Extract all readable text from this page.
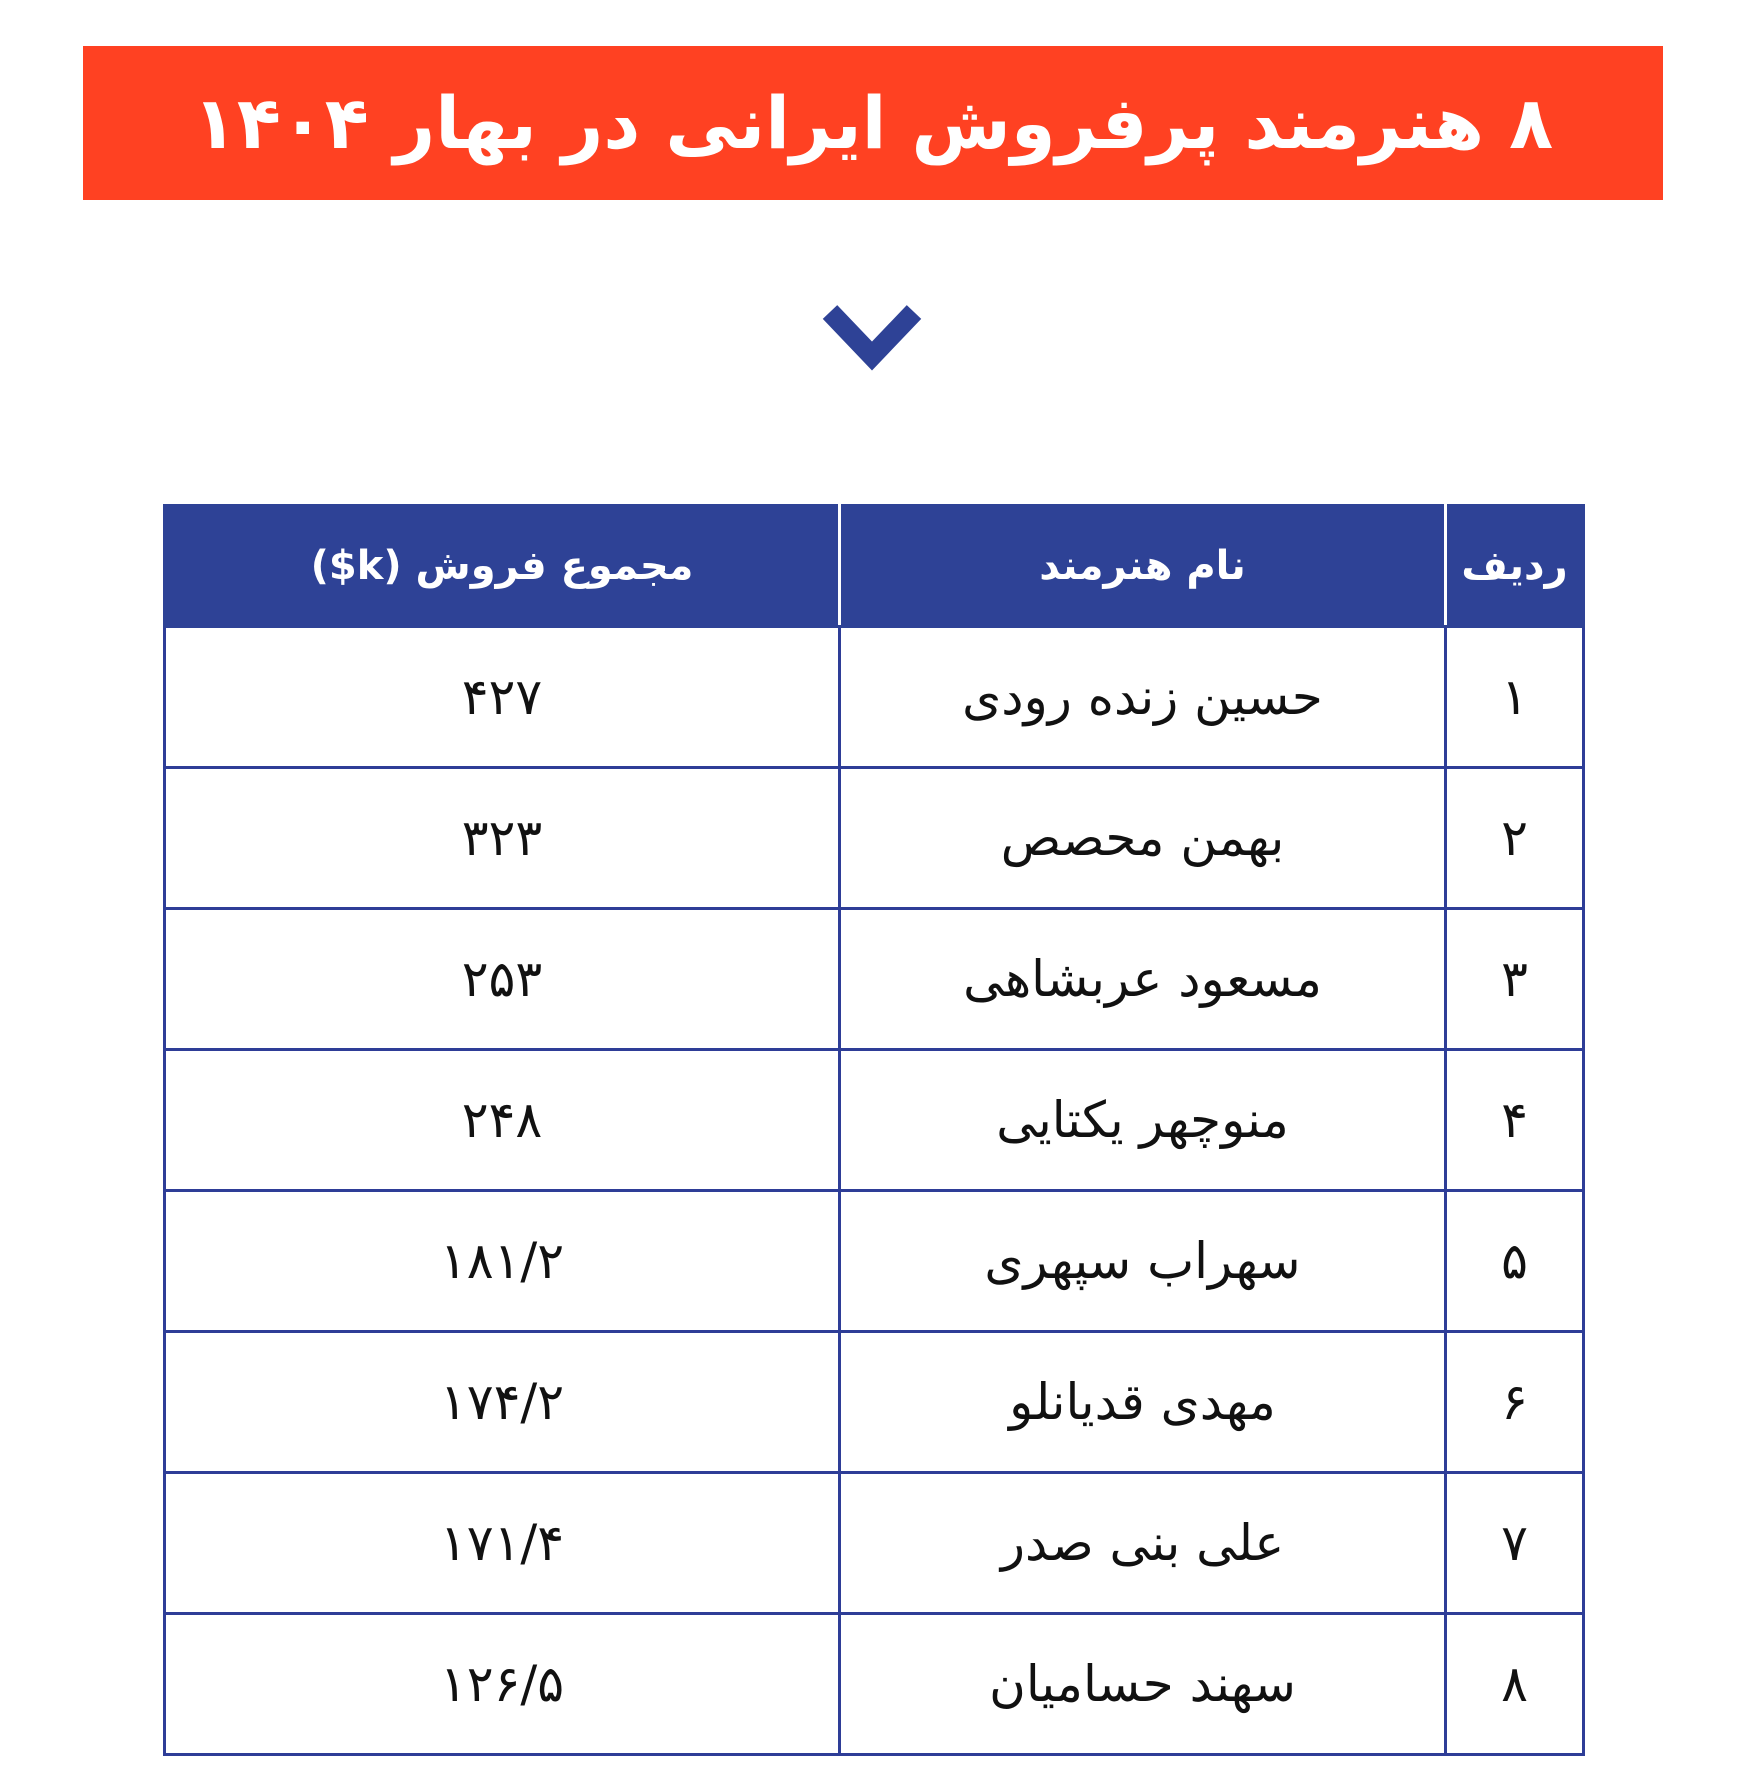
۸ هنرمند پرفروش ایرانی در بهار ۱۴۰۴
ردیف	نام هنرمند	مجموع فروش (k$)
۱	حسین زنده رودی	۴۲۷
۲	بهمن محصص	۳۲۳
۳	مسعود عربشاهی	۲۵۳
۴	منوچهر یکتایی	۲۴۸
۵	سهراب سپهری	۱۸۱/۲
۶	مهدی قدیانلو	۱۷۴/۲
۷	علی بنی صدر	۱۷۱/۴
۸	سهند حسامیان	۱۲۶/۵
